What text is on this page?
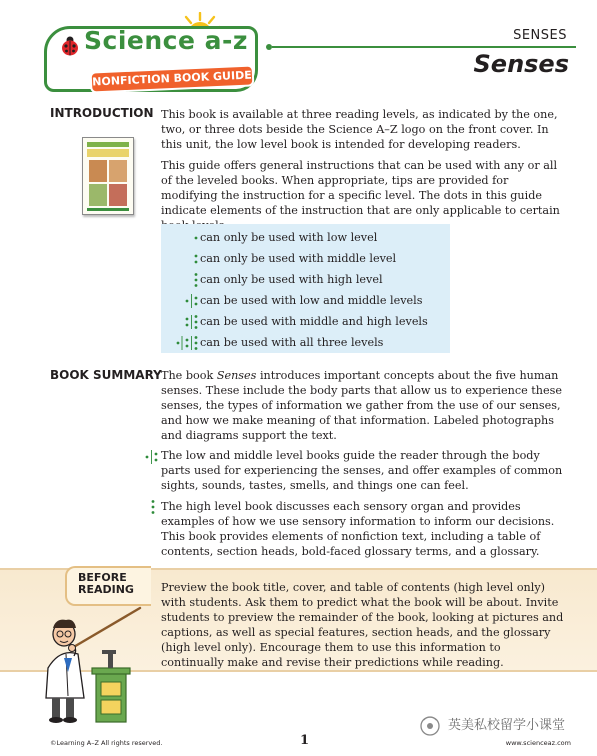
Science a-z
NONFICTION BOOK GUIDE
SENSES
Senses
INTRODUCTION This book is available at three reading levels, as indicated by the one, two, or three dots beside the Science A–Z logo on the front cover. In this unit, the low level book is intended for developing readers.

This guide offers general instructions that can be used with any or all of the leveled books. When appropriate, tips are provided for modifying the instruction for a specific level. The dots in this guide indicate elements of the instruction that are only applicable to certain

can only be used with low level
can only be used with middle level
can only be used with high level
can be used with low and middle levels
can be used with middle and high levels
can be used with all three levels
BOOK SUMMARY The book Senses introduces important concepts about the five human senses. These include the body parts that allow us to experience these senses, the types of information we gather from the use of our senses, and how we make meaning of that information. Labeled photographs and diagrams support the text.

The low and middle level books guide the reader through the body parts used for experiencing the senses, and offer examples of common sights, sounds, tastes, smells, and things one can feel.

The high level book discusses each sensory organ and provides examples of how we use sensory information to inform our decisions. This book provides elements of nonfiction text, including a table of contents, section heads, bold-faced glossary terms, and a glossary.

BEFORE READING	Preview the book title, cover, and table of contents (high level only) with students. Ask them to predict what the book will be about. Invite students to preview the remainder of the book, looking at pictures and captions, as well as special features, section heads, and the glossary (high level only). Encourage them to use this information to continually make and revise their predictions while reading.

©Learning A–Z All rights reserved.	1
英美私校留学小课堂
www.scienceaz.com
